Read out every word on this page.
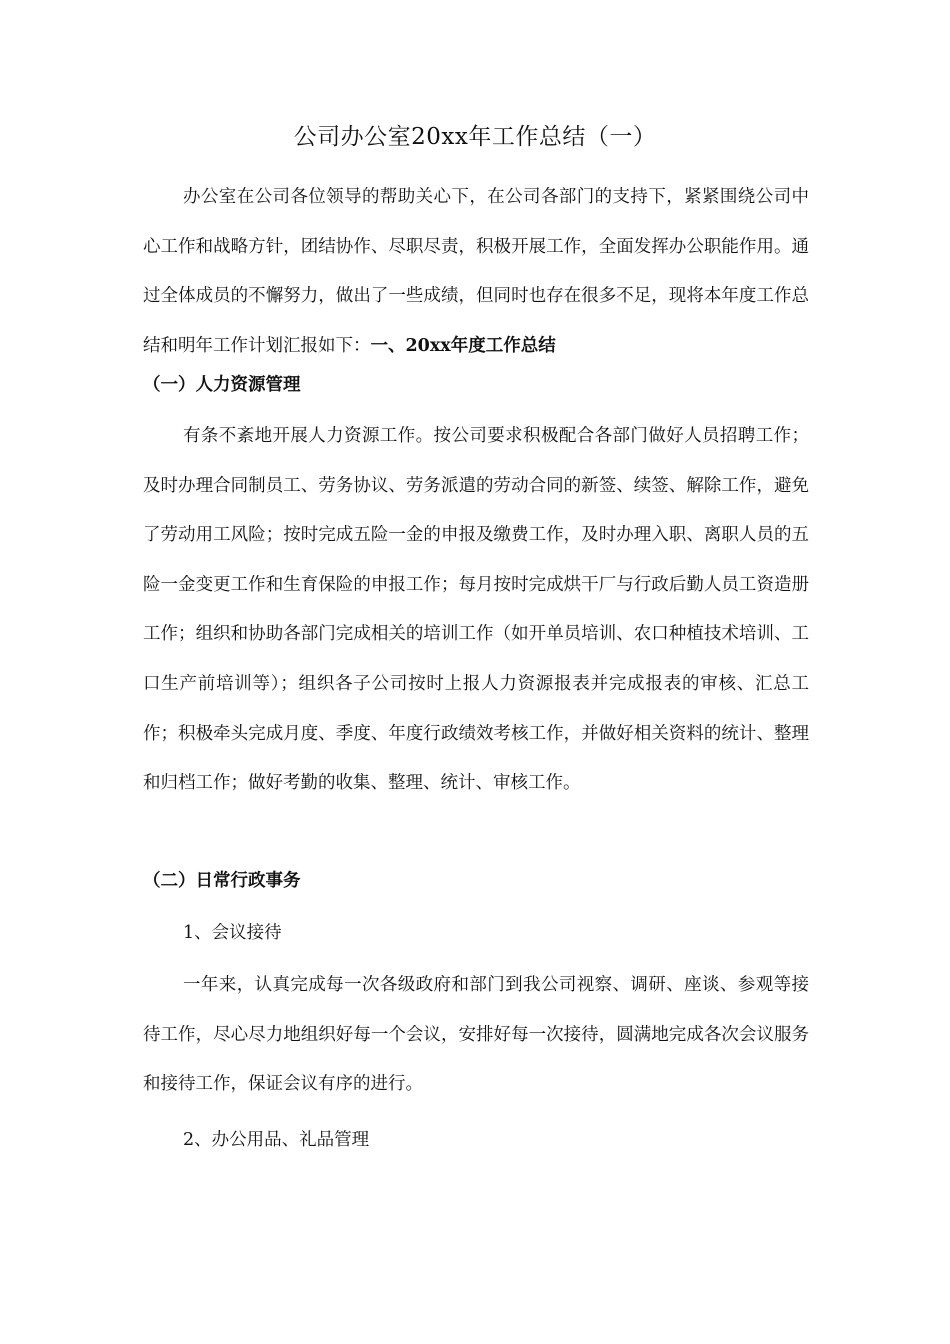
公司办公室20xx年工作总结（一）

办公室在公司各位领导的帮助关心下，在公司各部门的支持下，紧紧围绕公司中心工作和战略方针，团结协作、尽职尽责，积极开展工作，全面发挥办公职能作用。通过全体成员的不懈努力，做出了一些成绩，但同时也存在很多不足，现将本年度工作总结和明年工作计划汇报如下：一、20xx年度工作总结

（一）人力资源管理

有条不紊地开展人力资源工作。按公司要求积极配合各部门做好人员招聘工作；及时办理合同制员工、劳务协议、劳务派遣的劳动合同的新签、续签、解除工作，避免了劳动用工风险；按时完成五险一金的申报及缴费工作，及时办理入职、离职人员的五险一金变更工作和生育保险的申报工作；每月按时完成烘干厂与行政后勤人员工资造册工作；组织和协助各部门完成相关的培训工作（如开单员培训、农口种植技术培训、工口生产前培训等）；组织各子公司按时上报人力资源报表并完成报表的审核、汇总工作；积极牵头完成月度、季度、年度行政绩效考核工作，并做好相关资料的统计、整理和归档工作；做好考勤的收集、整理、统计、审核工作。

（二）日常行政事务
1、会议接待

一年来，认真完成每一次各级政府和部门到我公司视察、调研、座谈、参观等接待工作，尽心尽力地组织好每一个会议，安排好每一次接待，圆满地完成各次会议服务和接待工作，保证会议有序的进行。

2、办公用品、礼品管理
